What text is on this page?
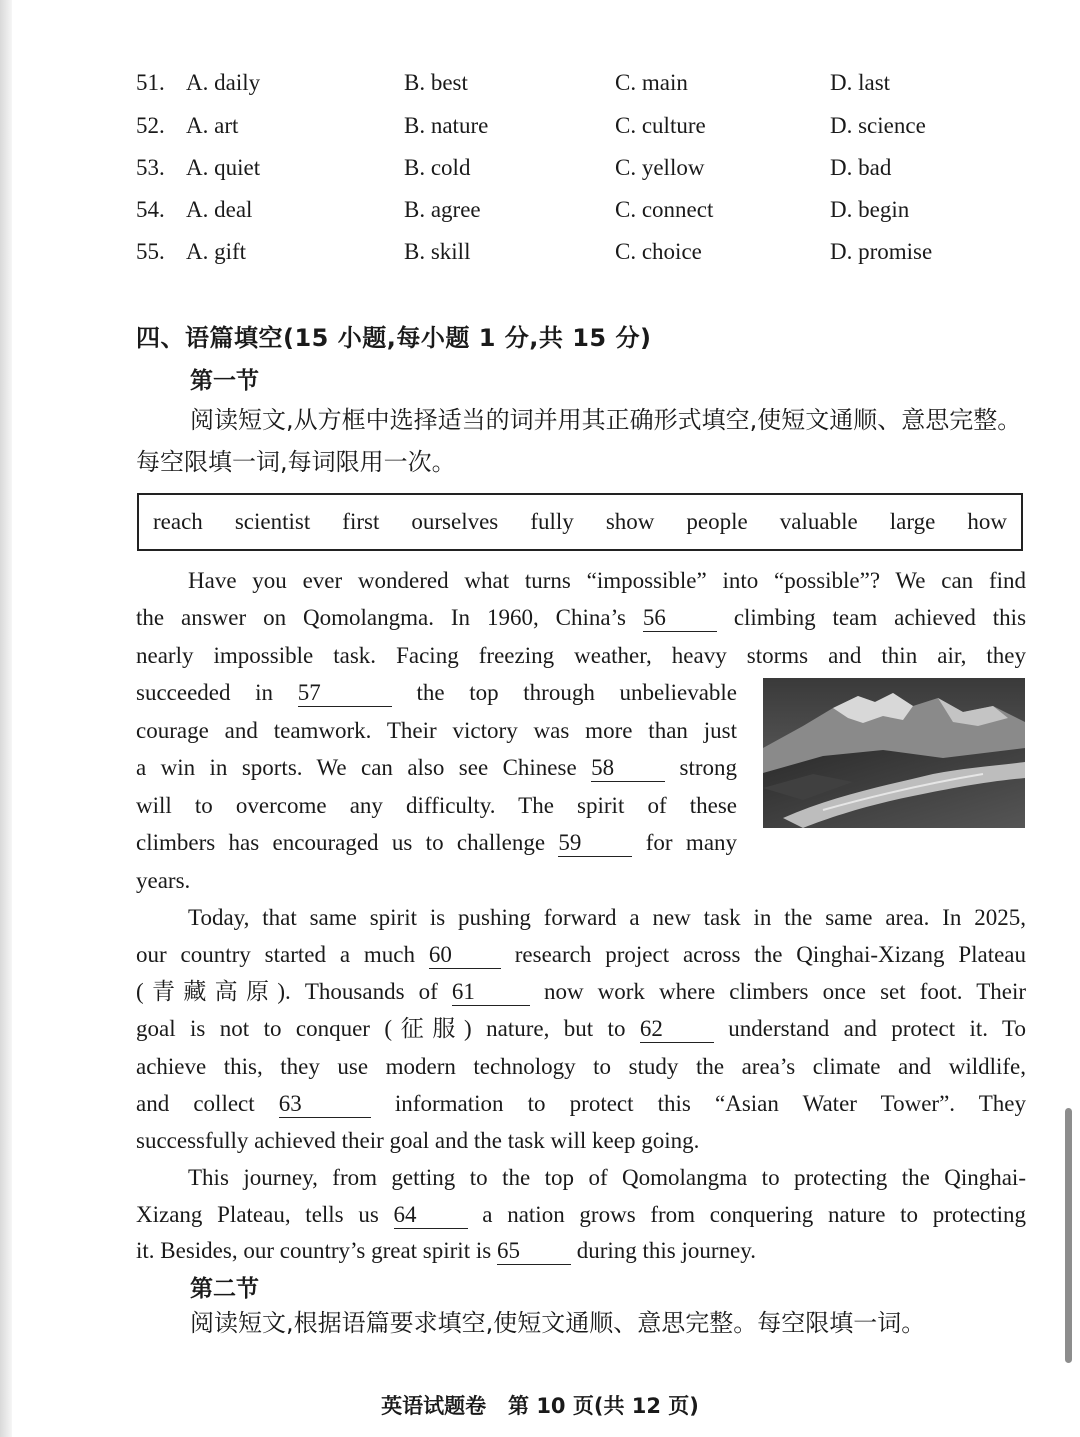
51. A. daily	B. best	C. main	D. last
52. A. art	B. nature	C. culture	D. science
53. A. quiet	B. cold	C. yellow	D. bad
54. A. deal	B. agree	C. connect	D. begin
55. A. gift	B. skill	C. choice	D. promise
四、语篇填空(15 小题,每小题 1 分,共 15 分)
第一节
阅读短文,从方框中选择适当的词并用其正确形式填空,使短文通顺、意思完整。每空限填一词,每词限用一次。
reach scientist first ourselves fully show people valuable large how
Have you ever wondered what turns “impossible” into “possible”? We can find
the answer on Qomolangma. In 1960, China’s 56	climbing team achieved this
nearly impossible task. Facing freezing weather, heavy storms and thin air, they
succeeded in 57	the top through unbelievable
courage and teamwork. Their victory was more than just
a win in sports. We can also see Chinese 58	strong
will to overcome any difficulty. The spirit of these
climbers has encouraged us to challenge 59	for many
years.
Today, that same spirit is pushing forward a new task in the same area. In 2025,
our country started a much 60	research project across the Qinghai-Xizang Plateau
(青藏高原). Thousands of 61	now work where climbers once set foot. Their
goal is not to conquer (征服) nature, but to 62	understand and protect it. To
achieve this, they use modern technology to study the area’s climate and wildlife,
and collect 63	information to protect this “Asian Water Tower”. They
successfully achieved their goal and the task will keep going.
This journey, from getting to the top of Qomolangma to protecting the Qinghai-
Xizang Plateau, tells us 64	a nation grows from conquering nature to protecting
it. Besides, our country’s great spirit is 65 during this journey.
第二节
阅读短文,根据语篇要求填空,使短文通顺、意思完整。每空限填一词。
英语试题卷   第 10 页(共 12 页)
